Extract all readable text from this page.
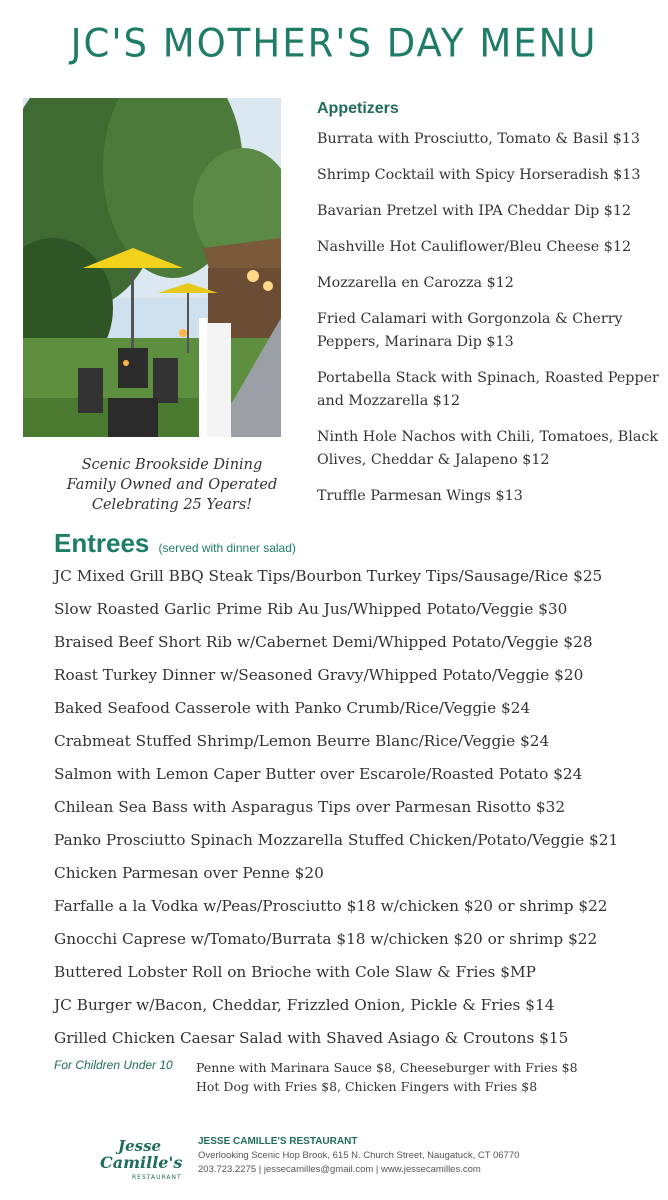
JC'S MOTHER'S DAY MENU
Scenic Brookside Dining
Family Owned and Operated
Celebrating 25 Years!
Appetizers
Burrata with Prosciutto, Tomato & Basil $13
Shrimp Cocktail with Spicy Horseradish $13
Bavarian Pretzel with IPA Cheddar Dip $12
Nashville Hot Cauliflower/Bleu Cheese $12
Mozzarella en Carozza $12
Fried Calamari with Gorgonzola & Cherry Peppers, Marinara Dip $13
Portabella Stack with Spinach, Roasted Pepper and Mozzarella $12
Ninth Hole Nachos with Chili, Tomatoes, Black Olives, Cheddar & Jalapeno $12
Truffle Parmesan Wings $13
Entrees (served with dinner salad)
JC Mixed Grill BBQ Steak Tips/Bourbon Turkey Tips/Sausage/Rice $25
Slow Roasted Garlic Prime Rib Au Jus/Whipped Potato/Veggie $30
Braised Beef Short Rib w/Cabernet Demi/Whipped Potato/Veggie $28
Roast Turkey Dinner w/Seasoned Gravy/Whipped Potato/Veggie $20
Baked Seafood Casserole with Panko Crumb/Rice/Veggie $24
Crabmeat Stuffed Shrimp/Lemon Beurre Blanc/Rice/Veggie $24
Salmon with Lemon Caper Butter over Escarole/Roasted Potato $24
Chilean Sea Bass with Asparagus Tips over Parmesan Risotto $32
Panko Prosciutto Spinach Mozzarella Stuffed Chicken/Potato/Veggie $21
Chicken Parmesan over Penne $20
Farfalle a la Vodka w/Peas/Prosciutto $18 w/chicken $20 or shrimp $22
Gnocchi Caprese w/Tomato/Burrata $18 w/chicken $20 or shrimp $22
Buttered Lobster Roll on Brioche with Cole Slaw & Fries $MP
JC Burger w/Bacon, Cheddar, Frizzled Onion, Pickle & Fries $14
Grilled Chicken Caesar Salad with Shaved Asiago & Croutons $15
For Children Under 10 Penne with Marinara Sauce $8, Cheeseburger with Fries $8
Hot Dog with Fries $8, Chicken Fingers with Fries $8
Jesse
Camille's
RESTAURANT
JESSE CAMILLE'S RESTAURANT
Overlooking Scenic Hop Brook, 615 N. Church Street, Naugatuck, CT 06770
203.723.2275 | jessecamilles@gmail.com | www.jessecamilles.com
